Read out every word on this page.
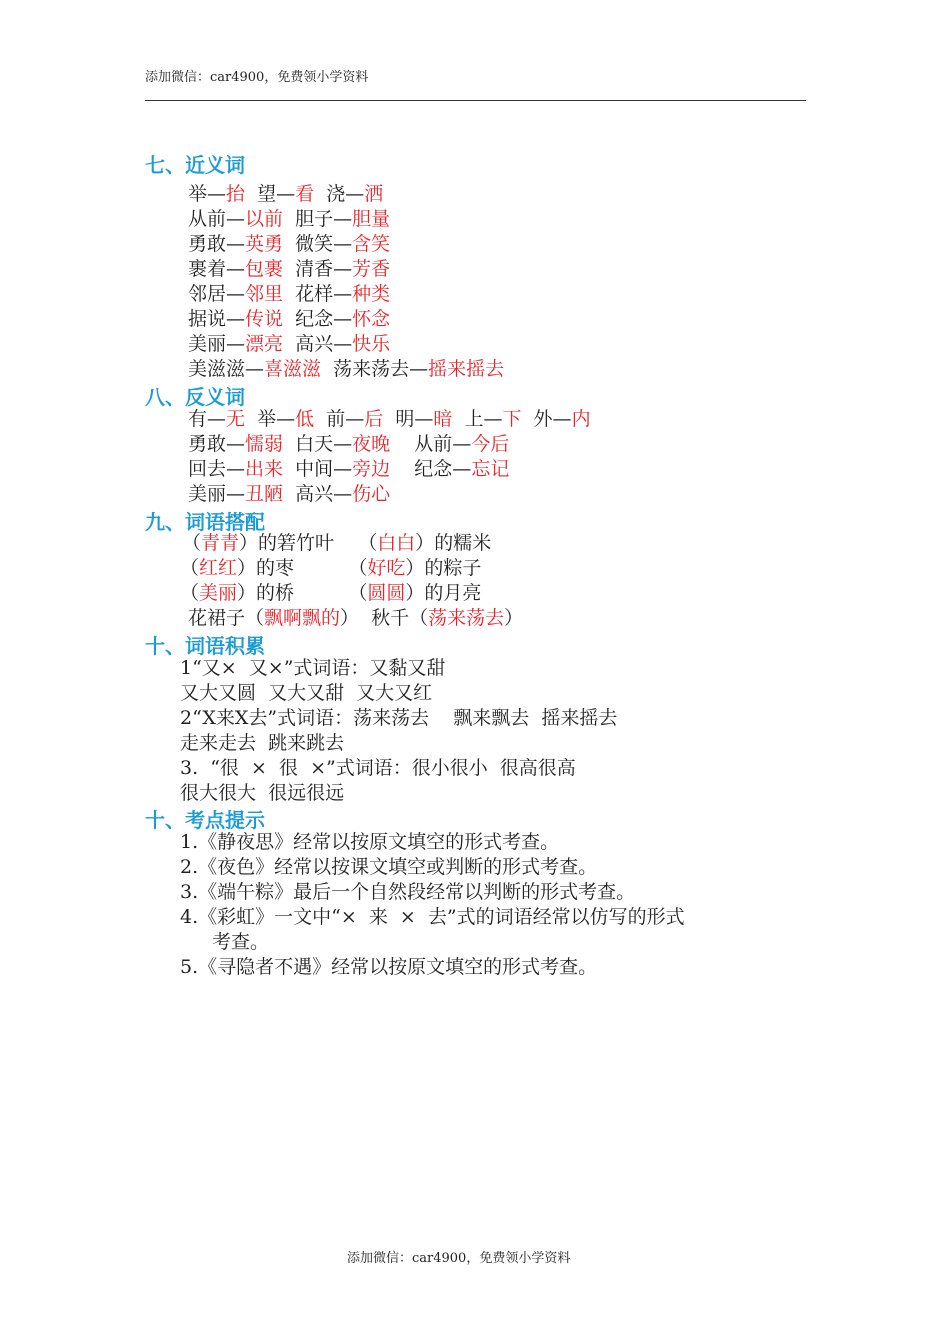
添加微信：car4900，免费领小学资料
七、近义词
举—抬  望—看  浇—洒
从前—以前  胆子—胆量
勇敢—英勇  微笑—含笑
裹着—包裹  清香—芳香
邻居—邻里  花样—种类
据说—传说  纪念—怀念
美丽—漂亮  高兴—快乐
美滋滋—喜滋滋  荡来荡去—摇来摇去
八、反义词
有—无  举—低  前—后  明—暗  上—下  外—内
勇敢—懦弱  白天—夜晚    从前—今后
回去—出来  中间—旁边    纪念—忘记
美丽—丑陋  高兴—伤心
九、词语搭配
（青青）的箬竹叶    （白白）的糯米
（红红）的枣         （好吃）的粽子
（美丽）的桥         （圆圆）的月亮
花裙子（飘啊飘的）  秋千（荡来荡去）
十、词语积累
1“又×  又×”式词语：又黏又甜
又大又圆  又大又甜  又大又红
2“X来X去”式词语：荡来荡去    飘来飘去  摇来摇去
走来走去  跳来跳去
3.  “很  ×  很  ×”式词语：很小很小  很高很高
很大很大  很远很远
十、考点提示
1.《静夜思》经常以按原文填空的形式考查。
2.《夜色》经常以按课文填空或判断的形式考查。
3.《端午粽》最后一个自然段经常以判断的形式考查。
4.《彩虹》一文中“×  来  ×  去”式的词语经常以仿写的形式
考查。
5.《寻隐者不遇》经常以按原文填空的形式考查。
添加微信：car4900，免费领小学资料
